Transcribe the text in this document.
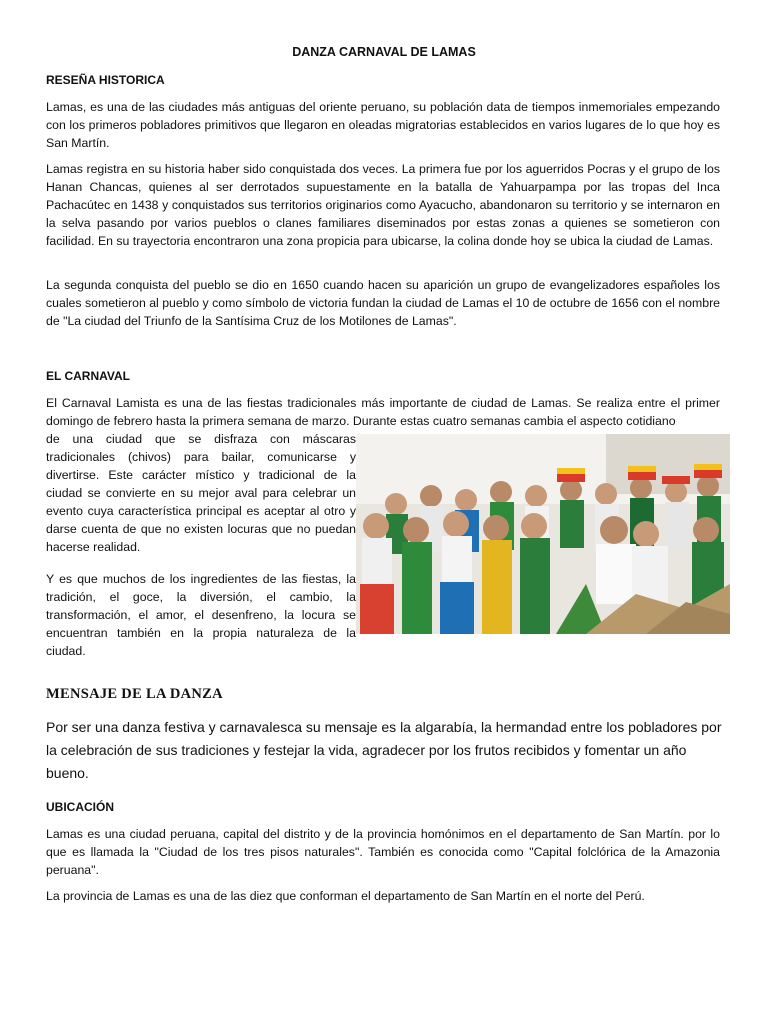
DANZA CARNAVAL DE LAMAS
RESEÑA HISTORICA

Lamas, es una de las ciudades más antiguas del oriente peruano, su población data de tiempos inmemoriales empezando con los primeros pobladores primitivos que llegaron en oleadas migratorias establecidos en varios lugares de lo que hoy es San Martín.

Lamas registra en su historia haber sido conquistada dos veces. La primera fue por los aguerridos Pocras y el grupo de los Hanan Chancas, quienes al ser derrotados supuestamente en la batalla de Yahuarpampa por las tropas del Inca Pachacútec en 1438 y conquistados sus territorios originarios como Ayacucho, abandonaron su territorio y se internaron en la selva pasando por varios pueblos o clanes familiares diseminados por estas zonas a quienes se sometieron con facilidad. En su trayectoria encontraron una zona propicia para ubicarse, la colina donde hoy se ubica la ciudad de Lamas.

La segunda conquista del pueblo se dio en 1650 cuando hacen su aparición un grupo de evangelizadores españoles los cuales sometieron al pueblo y como símbolo de victoria fundan la ciudad de Lamas el 10 de octubre de 1656 con el nombre de "La ciudad del Triunfo de la Santísima Cruz de los Motilones de Lamas".

EL CARNAVAL

El Carnaval Lamista es una de las fiestas tradicionales más importante de ciudad de Lamas. Se realiza entre el primer domingo de febrero hasta la primera semana de marzo. Durante estas cuatro semanas cambia el aspecto cotidiano

de una ciudad que se disfraza con máscaras tradicionales (chivos) para bailar, comunicarse y divertirse. Este carácter místico y tradicional de la ciudad se convierte en su mejor aval para celebrar un evento cuya característica principal es aceptar al otro y darse cuenta de que no existen locuras que no puedan hacerse realidad.

Y es que muchos de los ingredientes de las fiestas, la tradición, el goce, la diversión, el cambio, la transformación, el amor, el desenfreno, la locura se encuentran también en la propia naturaleza de la ciudad.

MENSAJE DE LA DANZA

Por ser una danza festiva y carnavalesca su mensaje es la algarabía, la hermandad entre los pobladores por la celebración de sus tradiciones y festejar la vida, agradecer por los frutos recibidos y fomentar un año bueno.

UBICACIÓN

Lamas es una ciudad peruana, capital del distrito y de la provincia homónimos en el departamento de San Martín. por lo que es llamada la "Ciudad de los tres pisos naturales". También es conocida como "Capital folclórica de la Amazonia peruana".

La provincia de Lamas es una de las diez que conforman el departamento de San Martín en el norte del Perú.
